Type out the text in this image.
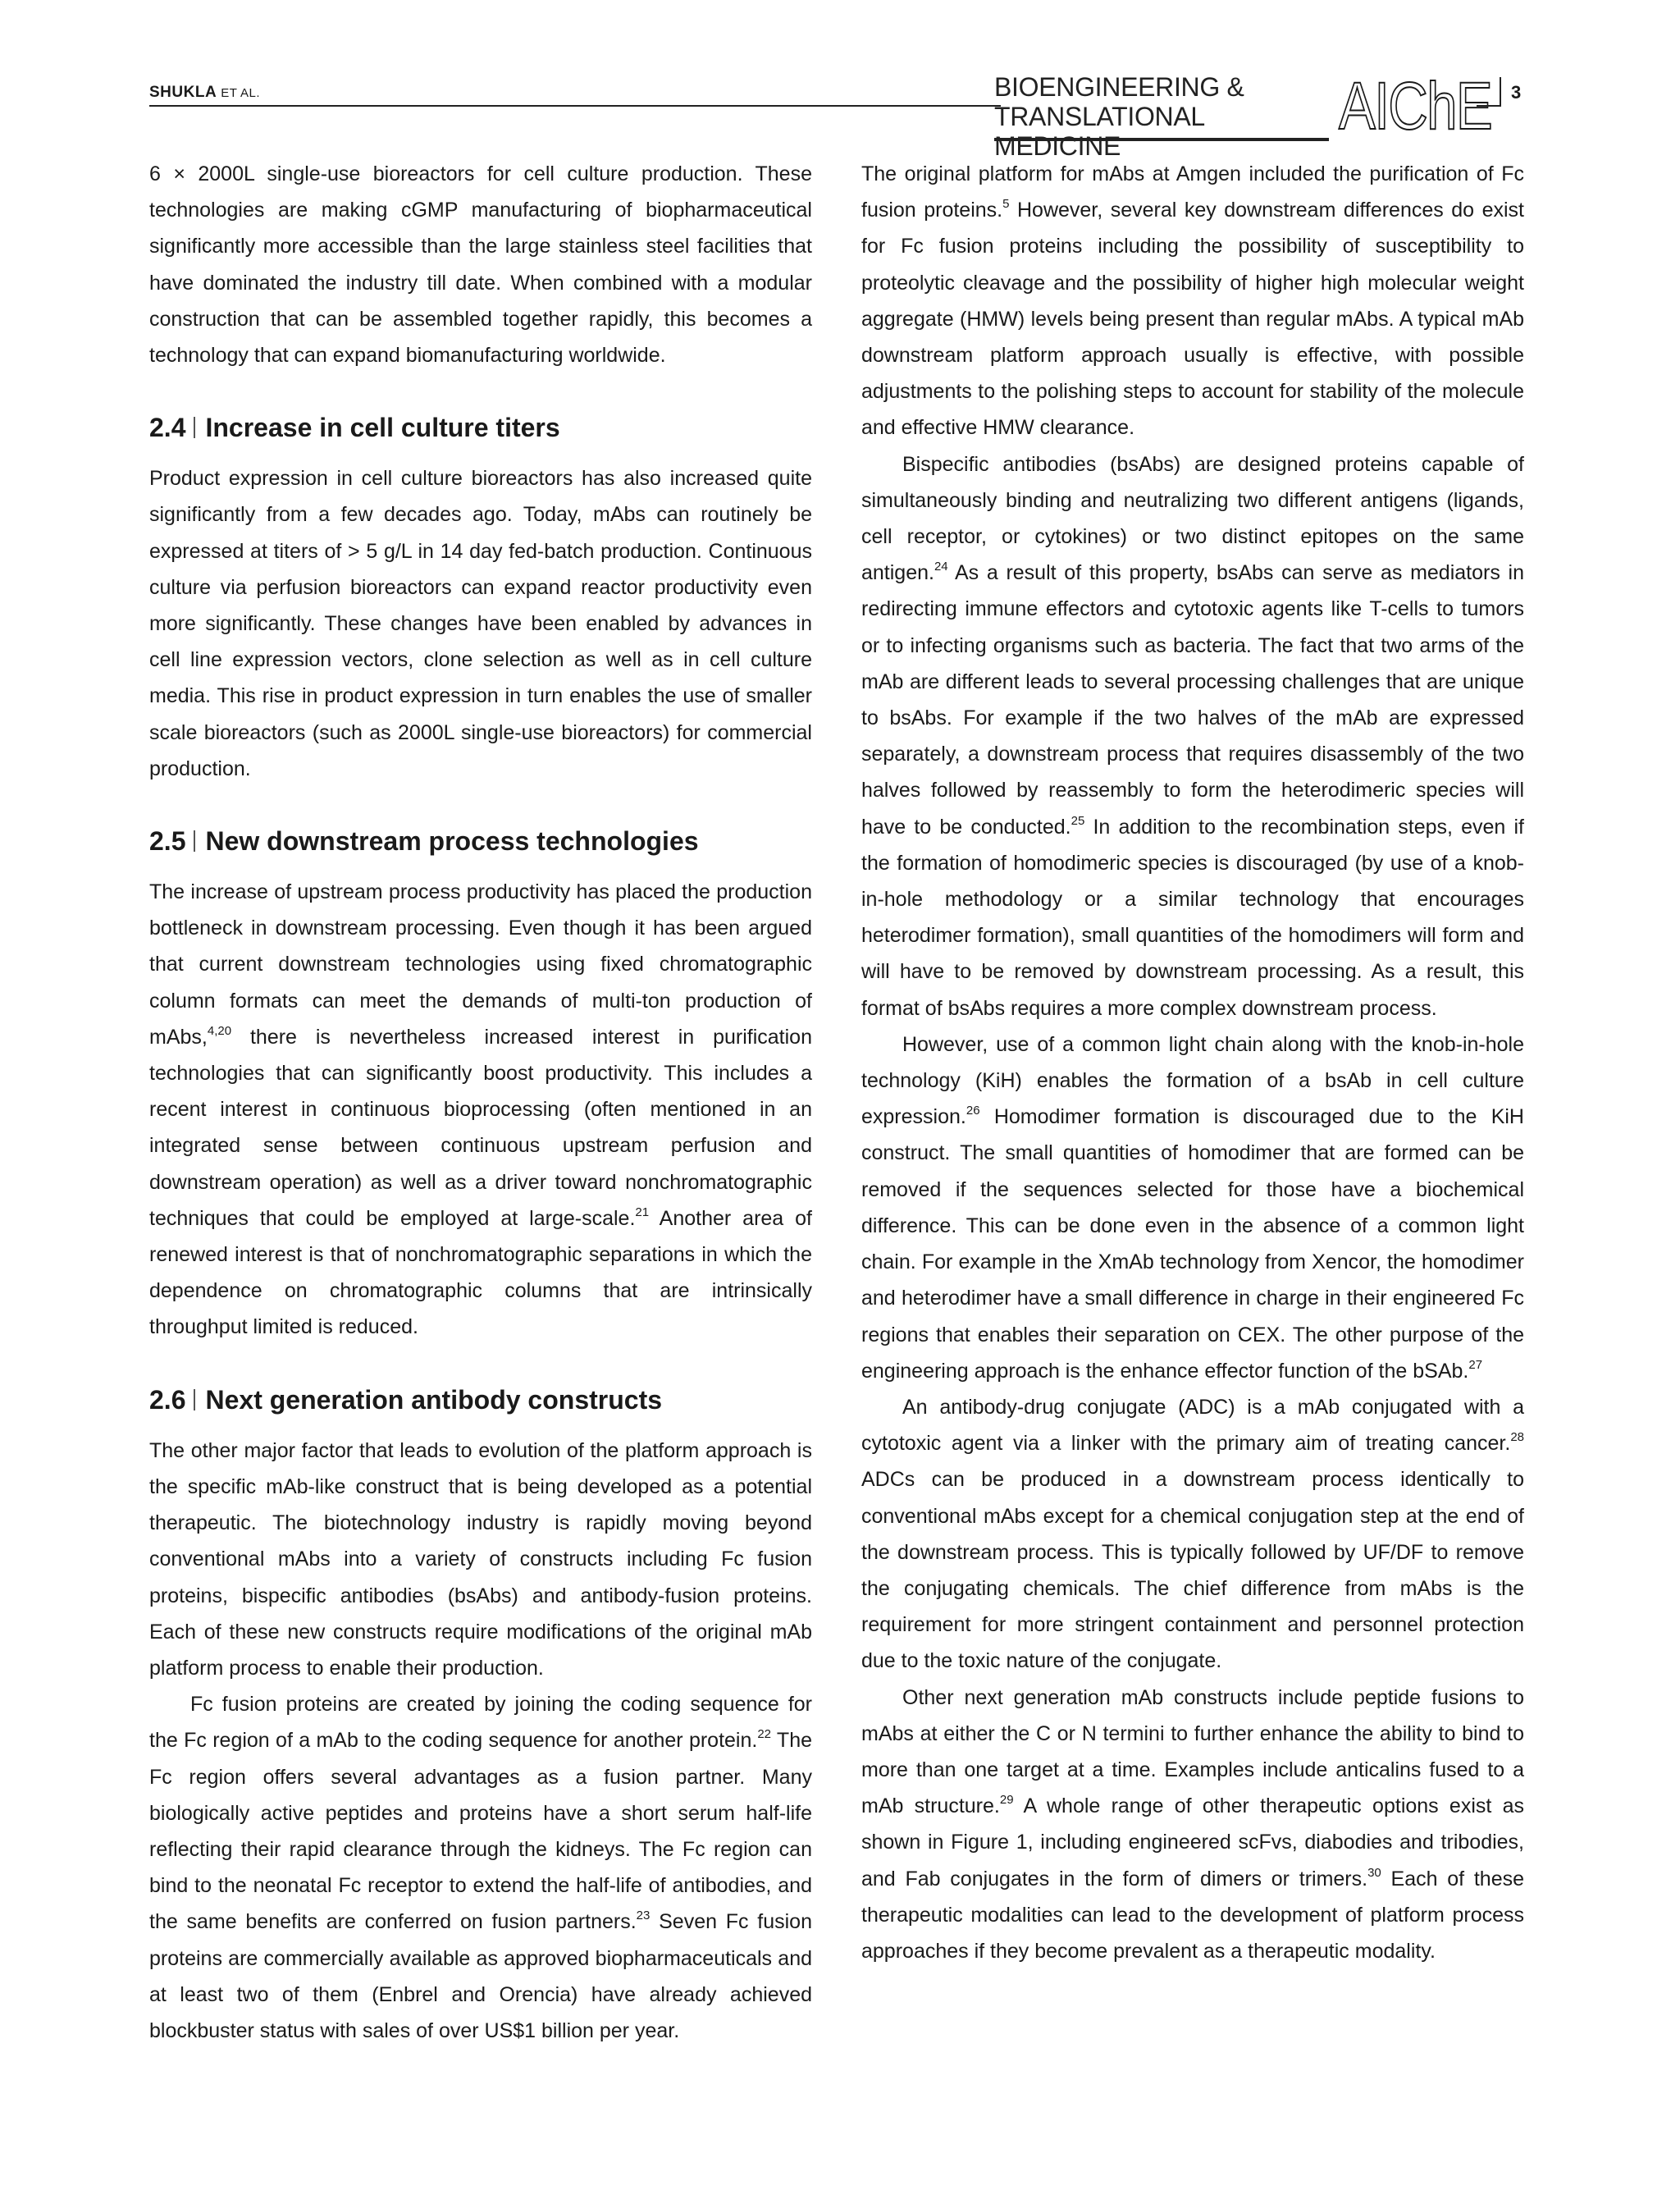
SHUKLA ET AL.	BIOENGINEERING &
TRANSLATIONAL MEDICINE
AIChE 3

6 × 2000L single-use bioreactors for cell culture production. These technologies are making cGMP manufacturing of biopharmaceutical significantly more accessible than the large stainless steel facilities that have dominated the industry till date. When combined with a modular construction that can be assembled together rapidly, this becomes a technology that can expand biomanufacturing worldwide.

2.4 Increase in cell culture titers

Product expression in cell culture bioreactors has also increased quite significantly from a few decades ago. Today, mAbs can routinely be expressed at titers of > 5 g/L in 14 day fed-batch production. Continuous culture via perfusion bioreactors can expand reactor productivity even more significantly. These changes have been enabled by advances in cell line expression vectors, clone selection as well as in cell culture media. This rise in product expression in turn enables the use of smaller scale bioreactors (such as 2000L single-use bioreactors) for commercial production.

2.5 New downstream process technologies

The increase of upstream process productivity has placed the production bottleneck in downstream processing. Even though it has been argued that current downstream technologies using fixed chromatographic column formats can meet the demands of multi-ton production of mAbs,$^{4,20}$ there is nevertheless increased interest in purification technologies that can significantly boost productivity. This includes a recent interest in continuous bioprocessing (often mentioned in an integrated sense between continuous upstream perfusion and downstream operation) as well as a driver toward nonchromatographic techniques that could be employed at large-scale.$^{21}$ Another area of renewed interest is that of nonchromatographic separations in which the dependence on chromatographic columns that are intrinsically throughput limited is reduced.

2.6 Next generation antibody constructs

The other major factor that leads to evolution of the platform approach is the specific mAb-like construct that is being developed as a potential therapeutic. The biotechnology industry is rapidly moving beyond conventional mAbs into a variety of constructs including Fc fusion proteins, bispecific antibodies (bsAbs) and antibody-fusion proteins. Each of these new constructs require modifications of the original mAb platform process to enable their production.

Fc fusion proteins are created by joining the coding sequence for the Fc region of a mAb to the coding sequence for another protein.$^{22}$ The Fc region offers several advantages as a fusion partner. Many biologically active peptides and proteins have a short serum half-life reflecting their rapid clearance through the kidneys. The Fc region can bind to the neonatal Fc receptor to extend the half-life of antibodies, and the same benefits are conferred on fusion partners.$^{23}$ Seven Fc fusion proteins are commercially available as approved biopharmaceuticals and at least two of them (Enbrel and Orencia) have already achieved blockbuster status with sales of over US$1 billion per year.

The original platform for mAbs at Amgen included the purification of Fc fusion proteins.$^5$ However, several key downstream differences do exist for Fc fusion proteins including the possibility of susceptibility to proteolytic cleavage and the possibility of higher high molecular weight aggregate (HMW) levels being present than regular mAbs. A typical mAb downstream platform approach usually is effective, with possible adjustments to the polishing steps to account for stability of the molecule and effective HMW clearance.

Bispecific antibodies (bsAbs) are designed proteins capable of simultaneously binding and neutralizing two different antigens (ligands, cell receptor, or cytokines) or two distinct epitopes on the same antigen.$^{24}$ As a result of this property, bsAbs can serve as mediators in redirecting immune effectors and cytotoxic agents like T-cells to tumors or to infecting organisms such as bacteria. The fact that two arms of the mAb are different leads to several processing challenges that are unique to bsAbs. For example if the two halves of the mAb are expressed separately, a downstream process that requires disassembly of the two halves followed by reassembly to form the heterodimeric species will have to be conducted.$^{25}$ In addition to the recombination steps, even if the formation of homodimeric species is discouraged (by use of a knob-in-hole methodology or a similar technology that encourages heterodimer formation), small quantities of the homodimers will form and will have to be removed by downstream processing. As a result, this format of bsAbs requires a more complex downstream process.

However, use of a common light chain along with the knob-in-hole technology (KiH) enables the formation of a bsAb in cell culture expression.$^{26}$ Homodimer formation is discouraged due to the KiH construct. The small quantities of homodimer that are formed can be removed if the sequences selected for those have a biochemical difference. This can be done even in the absence of a common light chain. For example in the XmAb technology from Xencor, the homodimer and heterodimer have a small difference in charge in their engineered Fc regions that enables their separation on CEX. The other purpose of the engineering approach is the enhance effector function of the bSAb.$^{27}$

An antibody-drug conjugate (ADC) is a mAb conjugated with a cytotoxic agent via a linker with the primary aim of treating cancer.$^{28}$ ADCs can be produced in a downstream process identically to conventional mAbs except for a chemical conjugation step at the end of the downstream process. This is typically followed by UF/DF to remove the conjugating chemicals. The chief difference from mAbs is the requirement for more stringent containment and personnel protection due to the toxic nature of the conjugate.

Other next generation mAb constructs include peptide fusions to mAbs at either the C or N termini to further enhance the ability to bind to more than one target at a time. Examples include anticalins fused to a mAb structure.$^{29}$ A whole range of other therapeutic options exist as shown in Figure 1, including engineered scFvs, diabodies and tribodies, and Fab conjugates in the form of dimers or trimers.$^{30}$ Each of these therapeutic modalities can lead to the development of platform process approaches if they become prevalent as a therapeutic modality.
